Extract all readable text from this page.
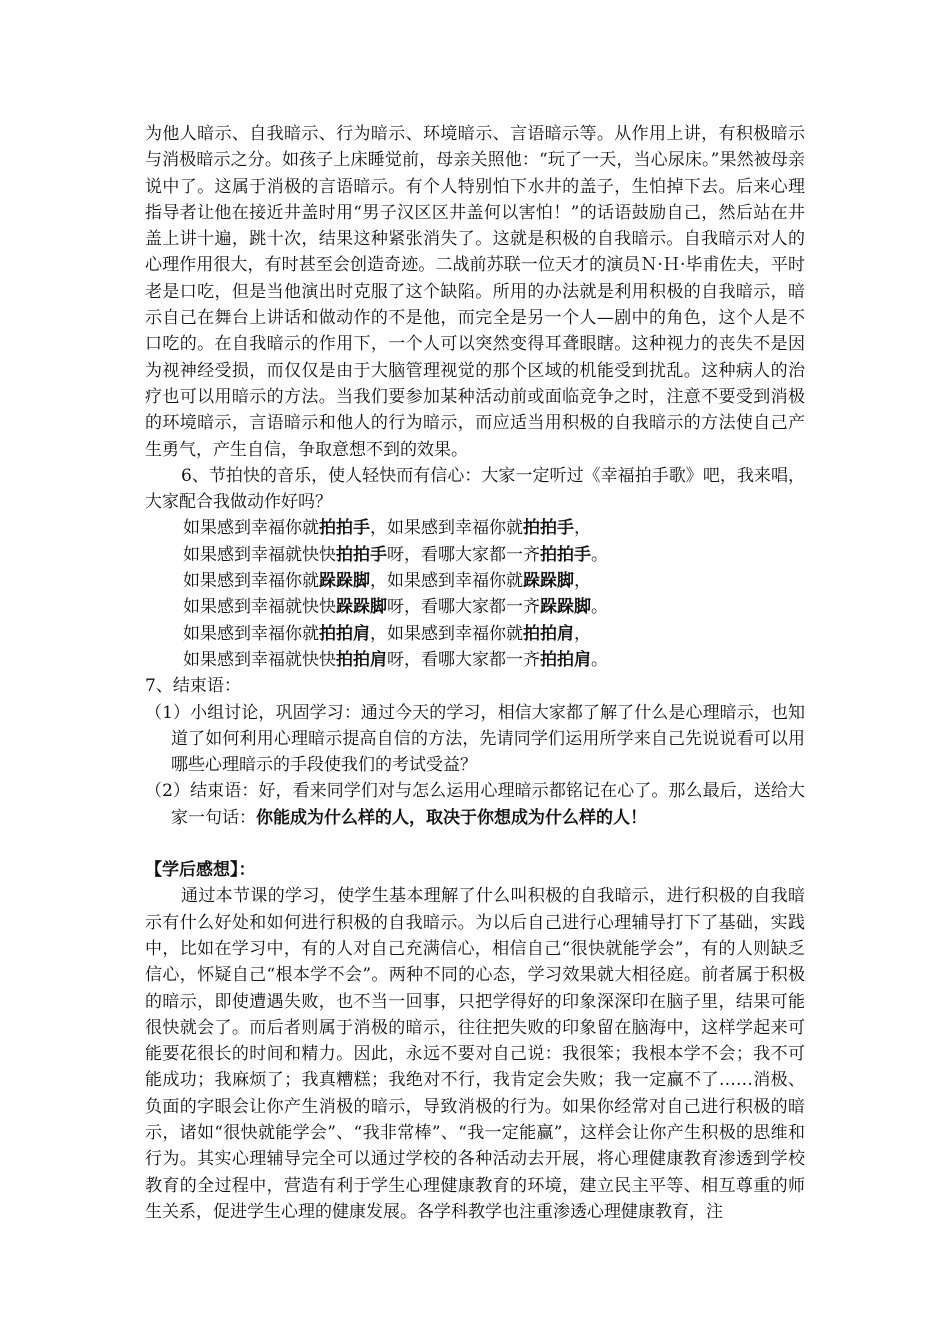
为他人暗示、自我暗示、行为暗示、环境暗示、言语暗示等。从作用上讲，有积极暗示与消极暗示之分。如孩子上床睡觉前，母亲关照他：“玩了一天，当心尿床。”果然被母亲说中了。这属于消极的言语暗示。有个人特别怕下水井的盖子，生怕掉下去。后来心理指导者让他在接近井盖时用“男子汉区区井盖何以害怕！”的话语鼓励自己，然后站在井盖上讲十遍，跳十次，结果这种紧张消失了。这就是积极的自我暗示。自我暗示对人的心理作用很大，有时甚至会创造奇迹。二战前苏联一位天才的演员Ｎ·Ｈ·毕甫佐夫，平时老是口吃，但是当他演出时克服了这个缺陷。所用的办法就是利用积极的自我暗示，暗示自己在舞台上讲话和做动作的不是他，而完全是另一个人—剧中的角色，这个人是不口吃的。在自我暗示的作用下，一个人可以突然变得耳聋眼瞎。这种视力的丧失不是因为视神经受损，而仅仅是由于大脑管理视觉的那个区域的机能受到扰乱。这种病人的治疗也可以用暗示的方法。当我们要参加某种活动前或面临竞争之时，注意不要受到消极的环境暗示，言语暗示和他人的行为暗示，而应适当用积极的自我暗示的方法使自己产生勇气，产生自信，争取意想不到的效果。

6、节拍快的音乐，使人轻快而有信心：大家一定听过《幸福拍手歌》吧，我来唱，大家配合我做动作好吗？

如果感到幸福你就拍拍手，如果感到幸福你就拍拍手，

如果感到幸福就快快拍拍手呀，看哪大家都一齐拍拍手。

如果感到幸福你就跺跺脚，如果感到幸福你就跺跺脚，

如果感到幸福就快快跺跺脚呀，看哪大家都一齐跺跺脚。

如果感到幸福你就拍拍肩，如果感到幸福你就拍拍肩，

如果感到幸福就快快拍拍肩呀，看哪大家都一齐拍拍肩。

7、结束语：

（1）小组讨论，巩固学习：通过今天的学习，相信大家都了解了什么是心理暗示，也知道了如何利用心理暗示提高自信的方法，先请同学们运用所学来自己先说说看可以用哪些心理暗示的手段使我们的考试受益？

（2）结束语：好，看来同学们对与怎么运用心理暗示都铭记在心了。那么最后，送给大家一句话：你能成为什么样的人，取决于你想成为什么样的人！

【学后感想】：

通过本节课的学习，使学生基本理解了什么叫积极的自我暗示，进行积极的自我暗示有什么好处和如何进行积极的自我暗示。为以后自己进行心理辅导打下了基础，实践中，比如在学习中，有的人对自己充满信心，相信自己“很快就能学会”，有的人则缺乏信心，怀疑自己“根本学不会”。两种不同的心态，学习效果就大相径庭。前者属于积极的暗示，即使遭遇失败，也不当一回事，只把学得好的印象深深印在脑子里，结果可能很快就会了。而后者则属于消极的暗示，往往把失败的印象留在脑海中，这样学起来可能要花很长的时间和精力。因此，永远不要对自己说：我很笨；我根本学不会；我不可能成功；我麻烦了；我真糟糕；我绝对不行，我肯定会失败；我一定赢不了……消极、负面的字眼会让你产生消极的暗示，导致消极的行为。如果你经常对自己进行积极的暗示，诸如“很快就能学会”、“我非常棒”、“我一定能赢”，这样会让你产生积极的思维和行为。其实心理辅导完全可以通过学校的各种活动去开展，将心理健康教育渗透到学校教育的全过程中，营造有利于学生心理健康教育的环境，建立民主平等、相互尊重的师生关系，促进学生心理的健康发展。各学科教学也注重渗透心理健康教育，注
